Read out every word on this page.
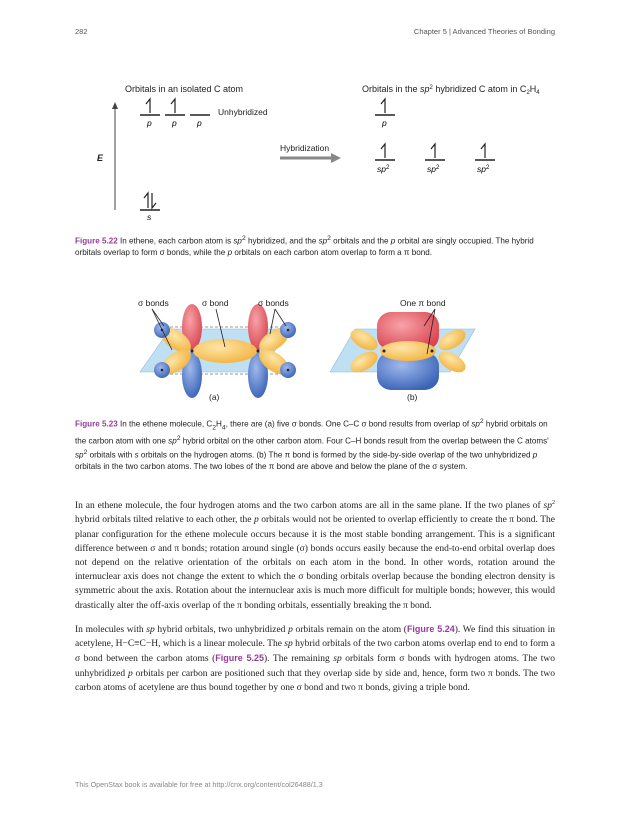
282	Chapter 5 | Advanced Theories of Bonding
Orbitals in an isolated C atom	Orbitals in the $sp^2$ hybridized C atom in $C_2H_4$
E
p p p
Unhybridized
s
Hybridization
p
$sp^2$	$sp^2$	$sp^2$
Figure 5.22 In ethene, each carbon atom is $sp^2$ hybridized, and the $sp^2$ orbitals and the p orbital are singly occupied. The hybrid orbitals overlap to form σ bonds, while the p orbitals on each carbon atom overlap to form a π bond.
σ bonds	σ bond	σ bonds
(a)
One π bond
(b)
Figure 5.23 In the ethene molecule, $C_2H_4$, there are (a) five σ bonds. One C–C σ bond results from overlap of $sp^2$ hybrid orbitals on the carbon atom with one $sp^2$ hybrid orbital on the other carbon atom. Four C–H bonds result from the overlap between the C atoms' $sp^2$ orbitals with s orbitals on the hydrogen atoms. (b) The π bond is formed by the side-by-side overlap of the two unhybridized p orbitals in the two carbon atoms. The two lobes of the π bond are above and below the plane of the σ system.

In an ethene molecule, the four hydrogen atoms and the two carbon atoms are all in the same plane. If the two planes of $sp^2$ hybrid orbitals tilted relative to each other, the p orbitals would not be oriented to overlap efficiently to create the π bond. The planar configuration for the ethene molecule occurs because it is the most stable bonding arrangement. This is a significant difference between σ and π bonds; rotation around single (σ) bonds occurs easily because the end-to-end orbital overlap does not depend on the relative orientation of the orbitals on each atom in the bond. In other words, rotation around the internuclear axis does not change the extent to which the σ bonding orbitals overlap because the bonding electron density is symmetric about the axis. Rotation about the internuclear axis is much more difficult for multiple bonds; however, this would drastically alter the off-axis overlap of the π bonding orbitals, essentially breaking the π bond.

In molecules with sp hybrid orbitals, two unhybridized p orbitals remain on the atom (Figure 5.24). We find this situation in acetylene, H−C≡C−H, which is a linear molecule. The sp hybrid orbitals of the two carbon atoms overlap end to end to form a σ bond between the carbon atoms (Figure 5.25). The remaining sp orbitals form σ bonds with hydrogen atoms. The two unhybridized p orbitals per carbon are positioned such that they overlap side by side and, hence, form two π bonds. The two carbon atoms of acetylene are thus bound together by one σ bond and two π bonds, giving a triple bond.

This OpenStax book is available for free at http://cnx.org/content/col26488/1.3
